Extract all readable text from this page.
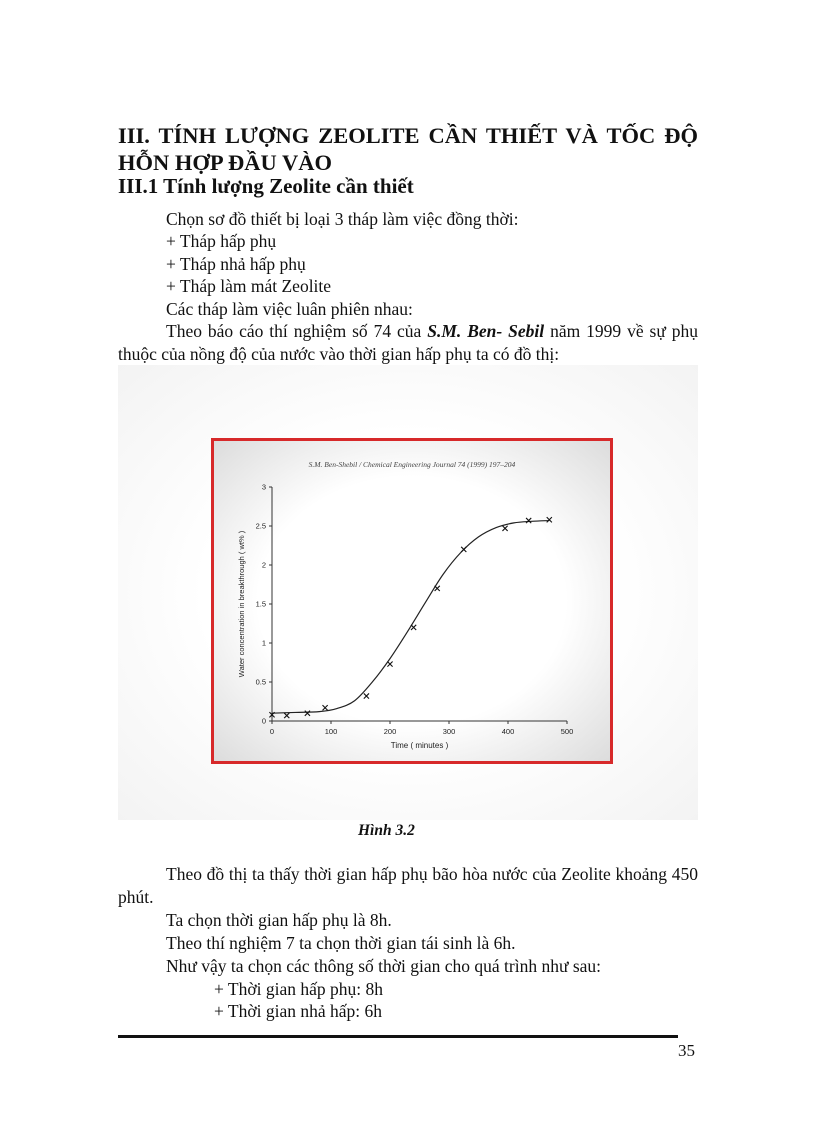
III. TÍNH LƯỢNG ZEOLITE CẦN THIẾT VÀ TỐC ĐỘ HỖN HỢP ĐẦU VÀO
III.1 Tính lượng Zeolite cần thiết
Chọn sơ đồ thiết bị loại 3 tháp làm việc đồng thời:
+ Tháp hấp phụ
+ Tháp nhả hấp phụ
+ Tháp làm mát Zeolite
Các tháp làm việc luân phiên nhau:
Theo báo cáo thí nghiệm số 74 của S.M. Ben- Sebil năm 1999 về sự phụ thuộc của nồng độ của nước vào thời gian hấp phụ ta có đồ thị:
S.M. Ben-Shebil / Chemical Engineering Journal 74 (1999) 197–204
0	100	200	300	400	500
0
0.5
1
1.5
2
2.5
3
Time ( minutes )
Water concentration in breakthrough ( wt% )
Hình 3.2
Theo đồ thị ta thấy thời gian hấp phụ bão hòa nước của Zeolite khoảng 450 phút.
Ta chọn thời gian hấp phụ là 8h.
Theo thí nghiệm 7 ta chọn thời gian tái sinh là 6h.
Như vậy ta chọn các thông số thời gian cho quá trình như sau:
+ Thời gian hấp phụ: 8h
+ Thời gian nhả hấp: 6h
35
